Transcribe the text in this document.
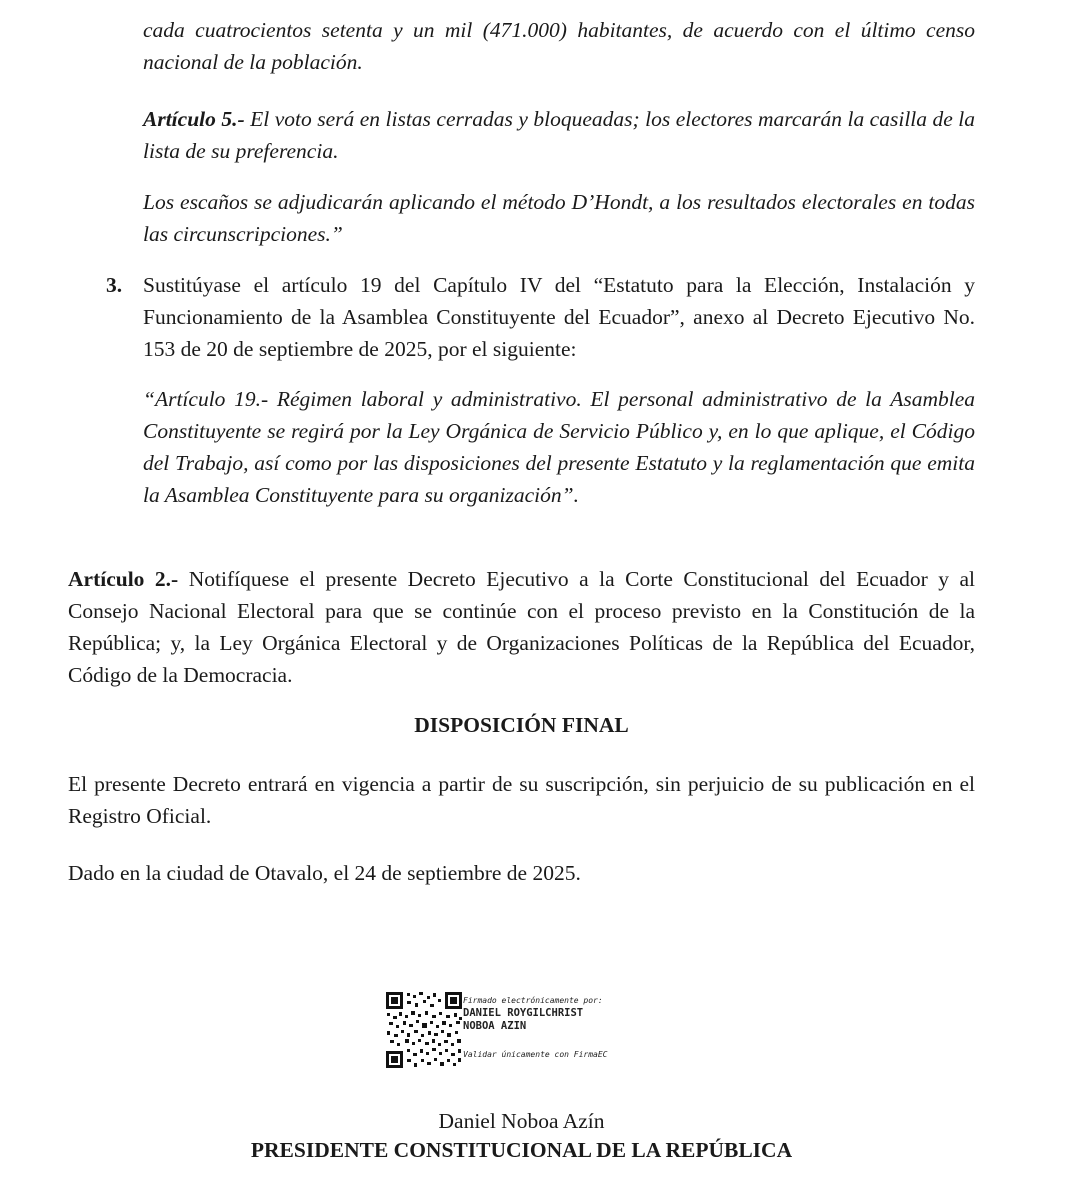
cada cuatrocientos setenta y un mil (471.000) habitantes, de acuerdo con el último censo nacional de la población.

Artículo 5.- El voto será en listas cerradas y bloqueadas; los electores marcarán la casilla de la lista de su preferencia.

Los escaños se adjudicarán aplicando el método D’Hondt, a los resultados electorales en todas las circunscripciones.”

3. Sustitúyase el artículo 19 del Capítulo IV del “Estatuto para la Elección, Instalación y Funcionamiento de la Asamblea Constituyente del Ecuador”, anexo al Decreto Ejecutivo No. 153 de 20 de septiembre de 2025, por el siguiente:

“Artículo 19.- Régimen laboral y administrativo. El personal administrativo de la Asamblea Constituyente se regirá por la Ley Orgánica de Servicio Público y, en lo que aplique, el Código del Trabajo, así como por las disposiciones del presente Estatuto y la reglamentación que emita la Asamblea Constituyente para su organización”.

Artículo 2.- Notifíquese el presente Decreto Ejecutivo a la Corte Constitucional del Ecuador y al Consejo Nacional Electoral para que se continúe con el proceso previsto en la Constitución de la República; y, la Ley Orgánica Electoral y de Organizaciones Políticas de la República del Ecuador, Código de la Democracia.

DISPOSICIÓN FINAL

El presente Decreto entrará en vigencia a partir de su suscripción, sin perjuicio de su publicación en el Registro Oficial.

Dado en la ciudad de Otavalo, el 24 de septiembre de 2025.

Firmado electrónicamente por:
DANIEL ROYGILCHRIST
NOBOA AZIN
Validar únicamente con FirmaEC

Daniel Noboa Azín

PRESIDENTE CONSTITUCIONAL DE LA REPÚBLICA
